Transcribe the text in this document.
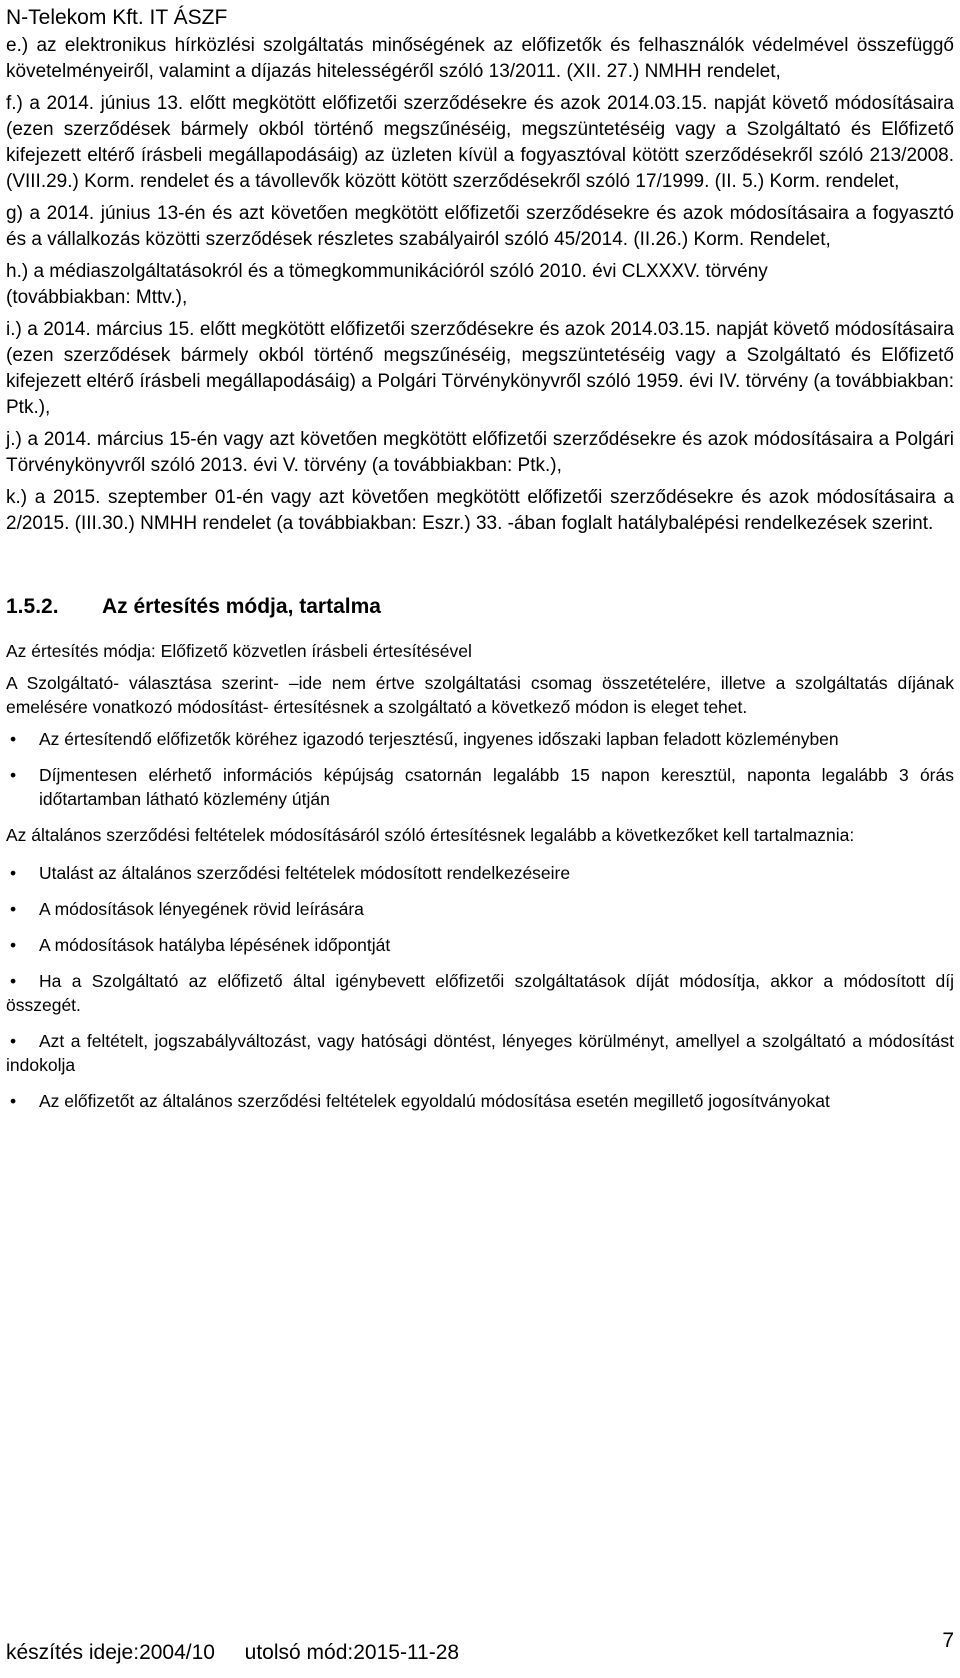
N-Telekom Kft. IT ÁSZF

e.) az elektronikus hírközlési szolgáltatás minőségének az előfizetők és felhasználók védelmével összefüggő követelményeiről, valamint a díjazás hitelességéről szóló 13/2011. (XII. 27.) NMHH rendelet,

f.) a 2014. június 13. előtt megkötött előfizetői szerződésekre és azok 2014.03.15. napját követő módosításaira (ezen szerződések bármely okból történő megszűnéséig, megszüntetéséig vagy a Szolgáltató és Előfizető kifejezett eltérő írásbeli megállapodásáig) az üzleten kívül a fogyasztóval kötött szerződésekről szóló 213/2008. (VIII.29.) Korm. rendelet és a távollevők között kötött szerződésekről szóló 17/1999. (II. 5.) Korm. rendelet,

g) a 2014. június 13-én és azt követően megkötött előfizetői szerződésekre és azok módosításaira a fogyasztó és a vállalkozás közötti szerződések részletes szabályairól szóló 45/2014. (II.26.) Korm. Rendelet,

h.) a médiaszolgáltatásokról és a tömegkommunikációról szóló 2010. évi CLXXXV. törvény

(továbbiakban: Mttv.),

i.) a 2014. március 15. előtt megkötött előfizetői szerződésekre és azok 2014.03.15. napját követő módosításaira (ezen szerződések bármely okból történő megszűnéséig, megszüntetéséig vagy a Szolgáltató és Előfizető kifejezett eltérő írásbeli megállapodásáig) a Polgári Törvénykönyvről szóló 1959. évi IV. törvény (a továbbiakban: Ptk.),

j.) a 2014. március 15-én vagy azt követően megkötött előfizetői szerződésekre és azok módosításaira a Polgári Törvénykönyvről szóló 2013. évi V. törvény (a továbbiakban: Ptk.),

k.) a 2015. szeptember 01-én vagy azt követően megkötött előfizetői szerződésekre és azok módosításaira a 2/2015. (III.30.) NMHH rendelet (a továbbiakban: Eszr.) 33. -ában foglalt hatálybalépési rendelkezések szerint.

1.5.2.	Az értesítés módja, tartalma

Az értesítés módja: Előfizető közvetlen írásbeli értesítésével

A Szolgáltató- választása szerint- –ide nem értve szolgáltatási csomag összetételére, illetve a szolgáltatás díjának emelésére vonatkozó módosítást- értesítésnek a szolgáltató a következő módon is eleget tehet.

• Az értesítendő előfizetők köréhez igazodó terjesztésű, ingyenes időszaki lapban feladott közleményben
• Díjmentesen elérhető információs képújság csatornán legalább 15 napon keresztül, naponta legalább 3 órás időtartamban látható közlemény útján

Az általános szerződési feltételek módosításáról szóló értesítésnek legalább a következőket kell tartalmaznia:

• Utalást az általános szerződési feltételek módosított rendelkezéseire
• A módosítások lényegének rövid leírására
• A módosítások hatályba lépésének időpontját
• Ha a Szolgáltató az előfizető által igénybevett előfizetői szolgáltatások díját módosítja, akkor a módosított díj összegét.
• Azt a feltételt, jogszabályváltozást, vagy hatósági döntést, lényeges körülményt, amellyel a szolgáltató a módosítást indokolja
• Az előfizetőt az általános szerződési feltételek egyoldalú módosítása esetén megillető jogosítványokat
készítés ideje:2004/10 utolsó mód:2015-11-28
7
